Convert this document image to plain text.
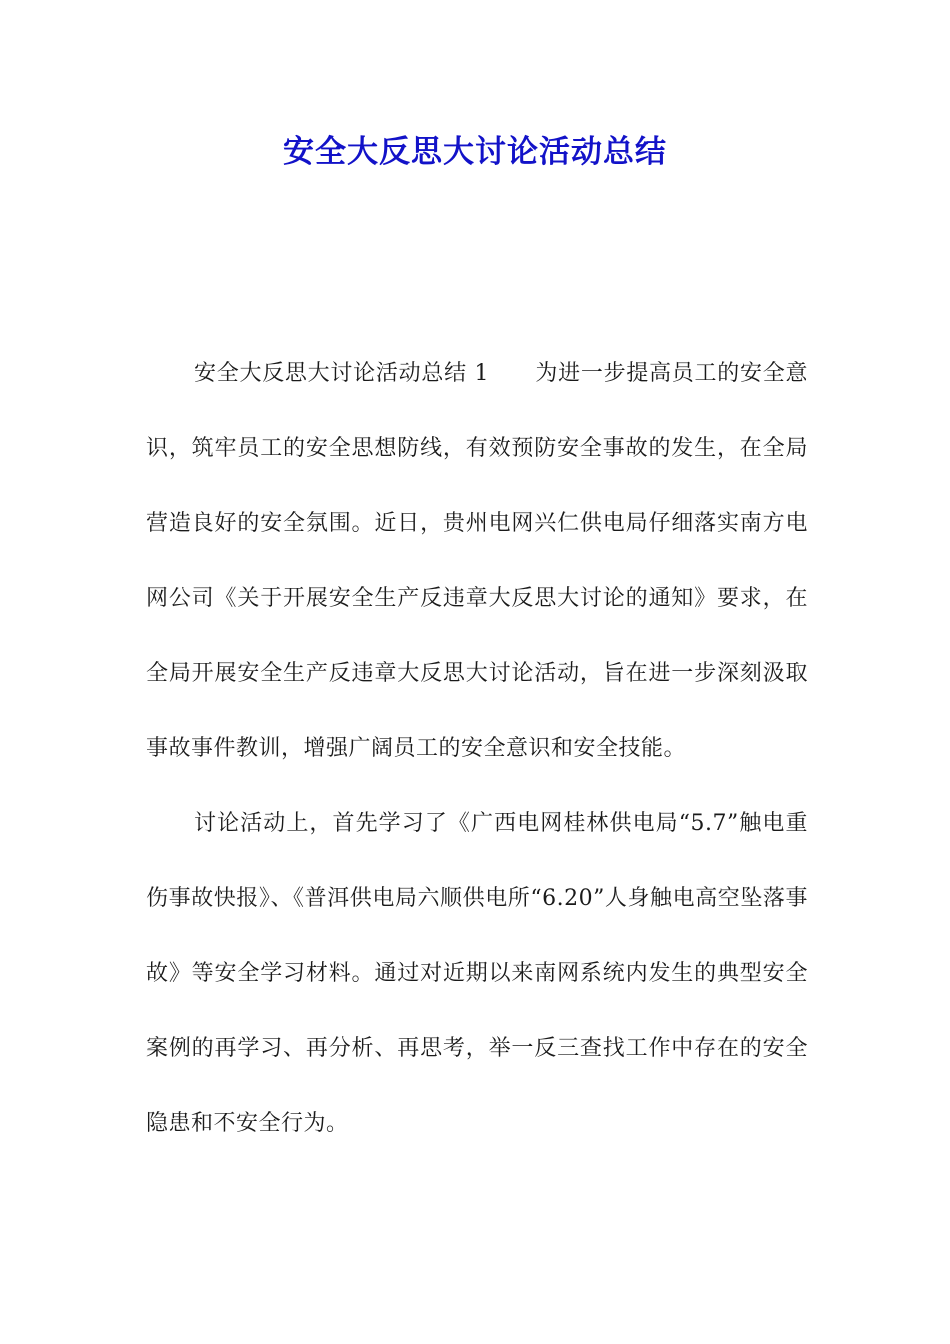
安全大反思大讨论活动总结

安全大反思大讨论活动总结 1 为进一步提高员工的安全意识，筑牢员工的安全思想防线，有效预防安全事故的发生，在全局营造良好的安全氛围。近日，贵州电网兴仁供电局仔细落实南方电网公司《关于开展安全生产反违章大反思大讨论的通知》要求，在全局开展安全生产反违章大反思大讨论活动，旨在进一步深刻汲取事故事件教训，增强广阔员工的安全意识和安全技能。

讨论活动上，首先学习了《广西电网桂林供电局“5.7”触电重伤事故快报》、《普洱供电局六顺供电所“6.20”人身触电高空坠落事故》等安全学习材料。通过对近期以来南网系统内发生的典型安全案例的再学习、再分析、再思考，举一反三查找工作中存在的安全隐患和不安全行为。
